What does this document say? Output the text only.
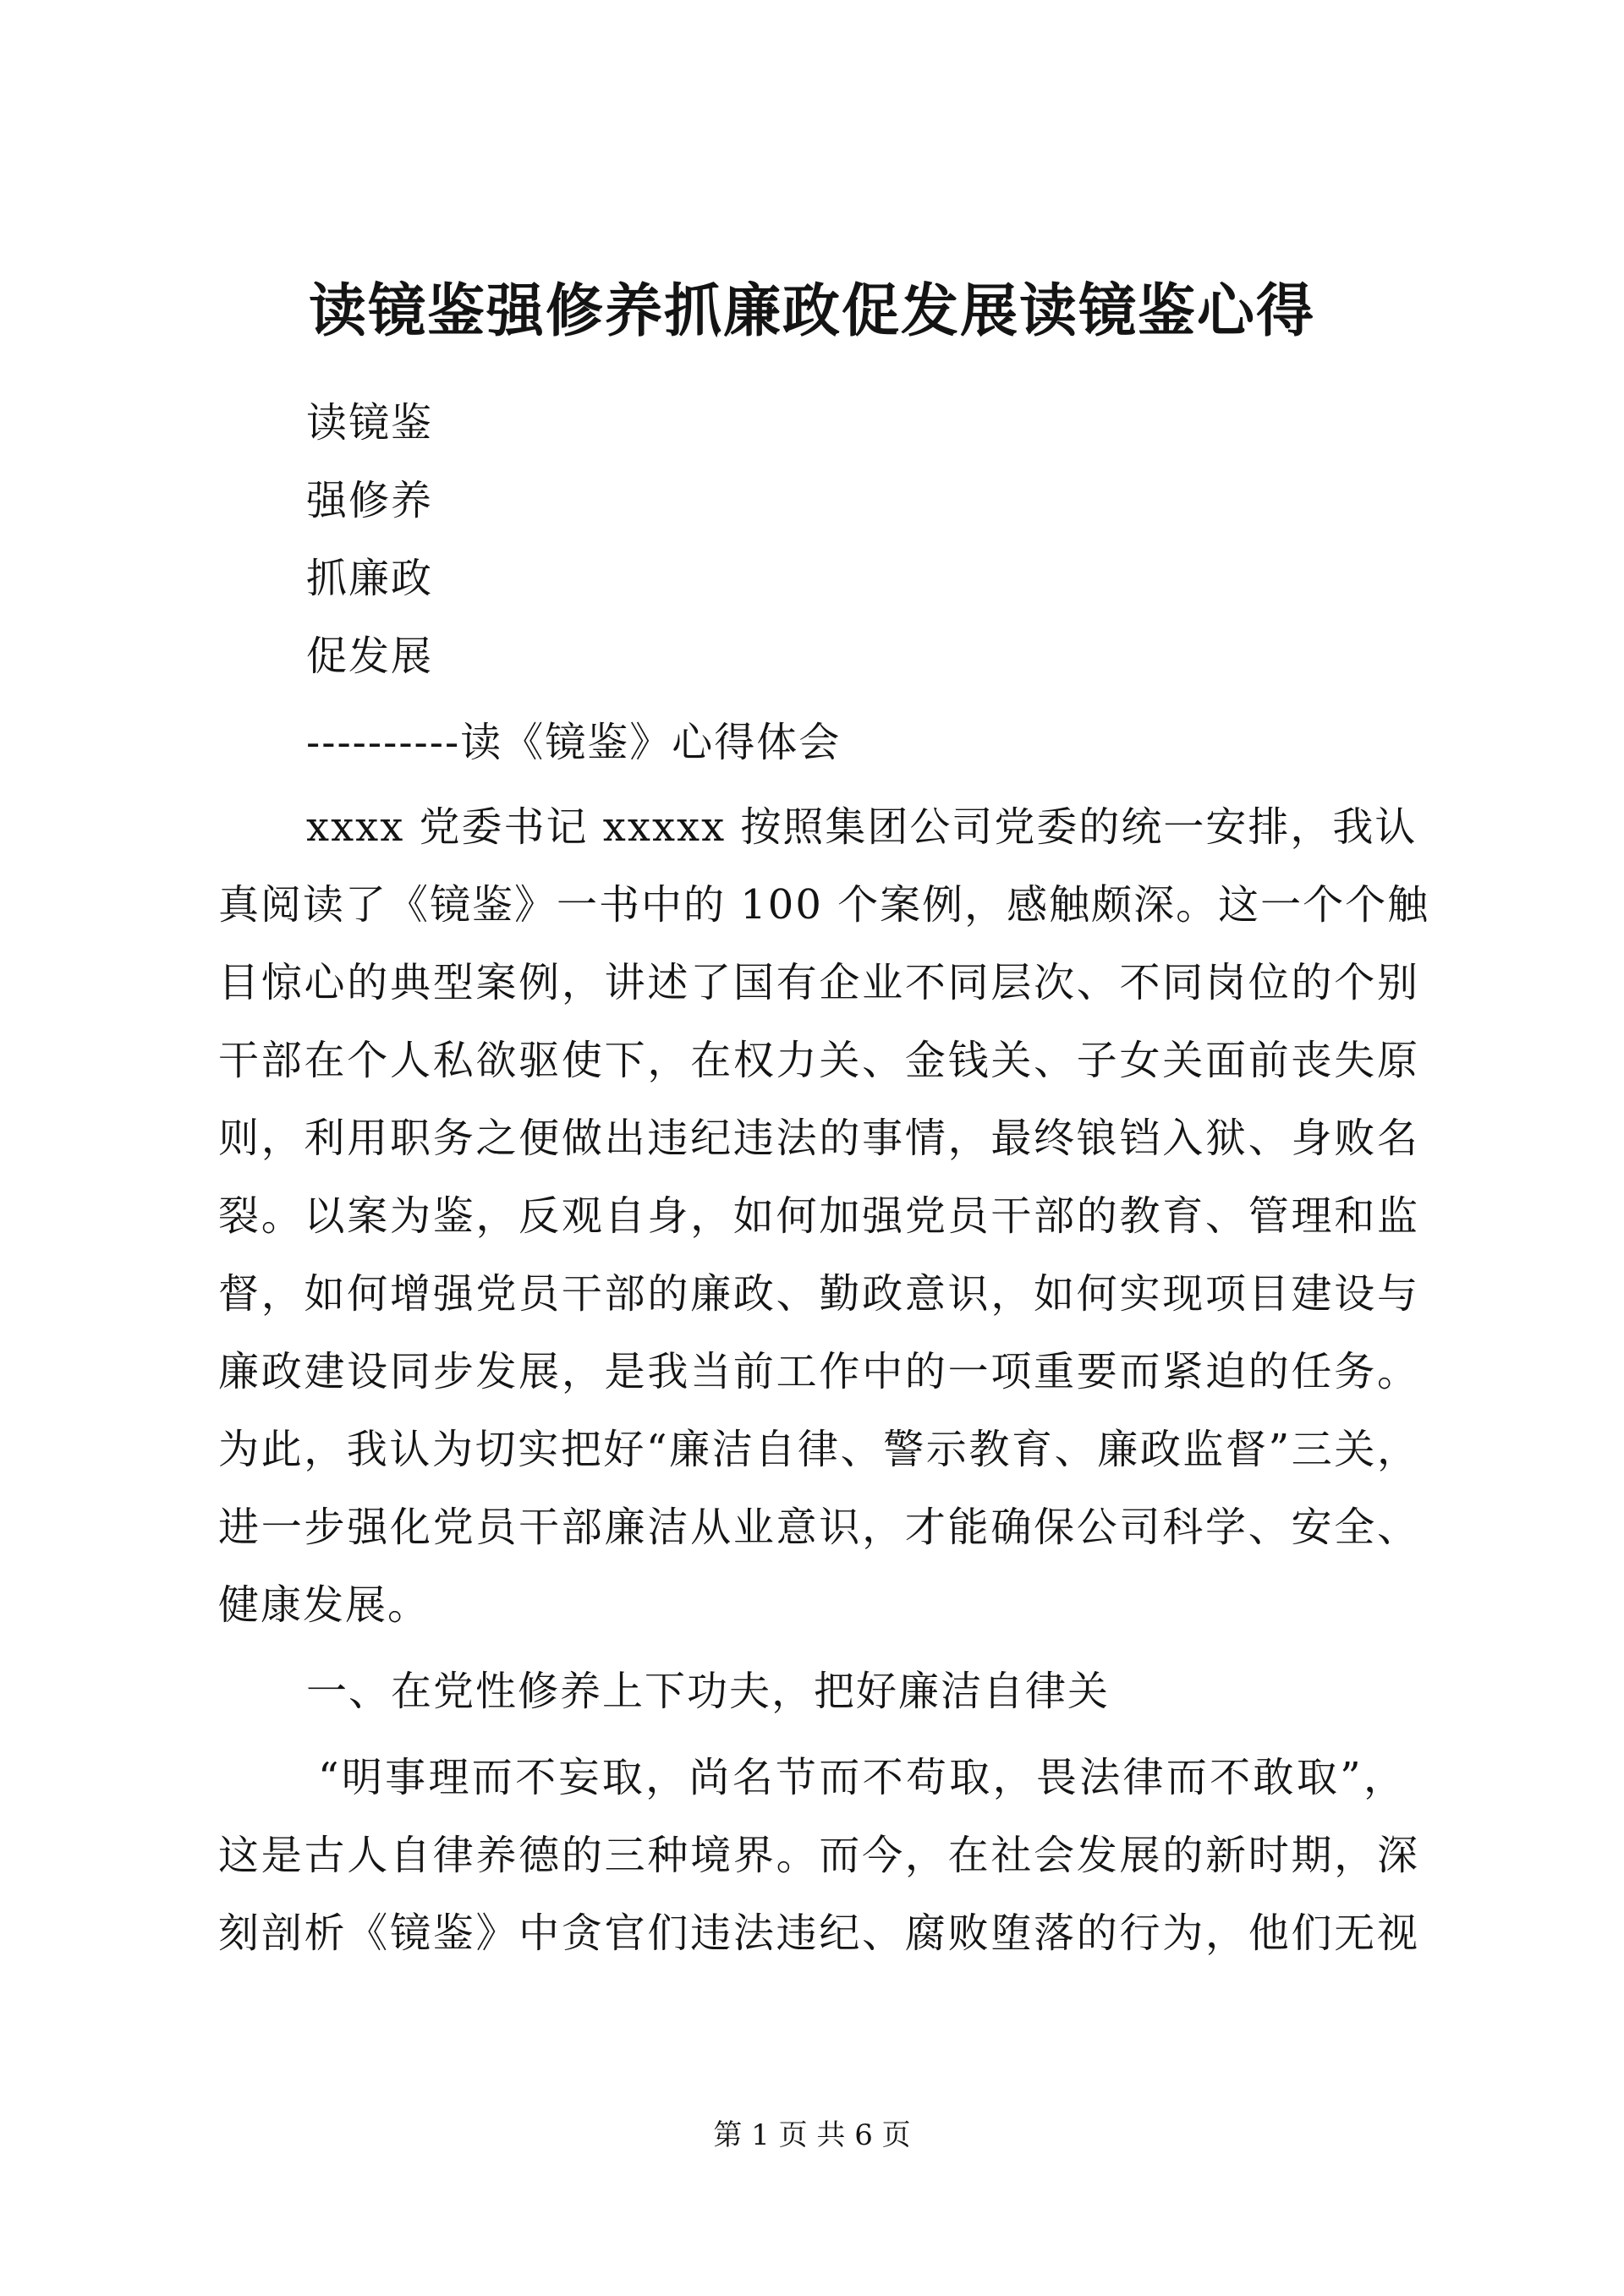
读镜鉴强修养抓廉政促发展读镜鉴心得
读镜鉴
强修养
抓廉政
促发展
----------读《镜鉴》心得体会
xxxx 党委书记 xxxxx 按照集团公司党委的统一安排，我认
真阅读了《镜鉴》一书中的 100 个案例，感触颇深。这一个个触
目惊心的典型案例，讲述了国有企业不同层次、不同岗位的个别
干部在个人私欲驱使下，在权力关、金钱关、子女关面前丧失原
则，利用职务之便做出违纪违法的事情，最终锒铛入狱、身败名
裂。以案为鉴，反观自身，如何加强党员干部的教育、管理和监
督，如何增强党员干部的廉政、勤政意识，如何实现项目建设与
廉政建设同步发展，是我当前工作中的一项重要而紧迫的任务。
为此，我认为切实把好“廉洁自律、警示教育、廉政监督”三关，
进一步强化党员干部廉洁从业意识，才能确保公司科学、安全、
健康发展。
一、在党性修养上下功夫，把好廉洁自律关
“明事理而不妄取，尚名节而不苟取，畏法律而不敢取”，
这是古人自律养德的三种境界。而今，在社会发展的新时期，深
刻剖析《镜鉴》中贪官们违法违纪、腐败堕落的行为，他们无视
第 1 页 共 6 页
